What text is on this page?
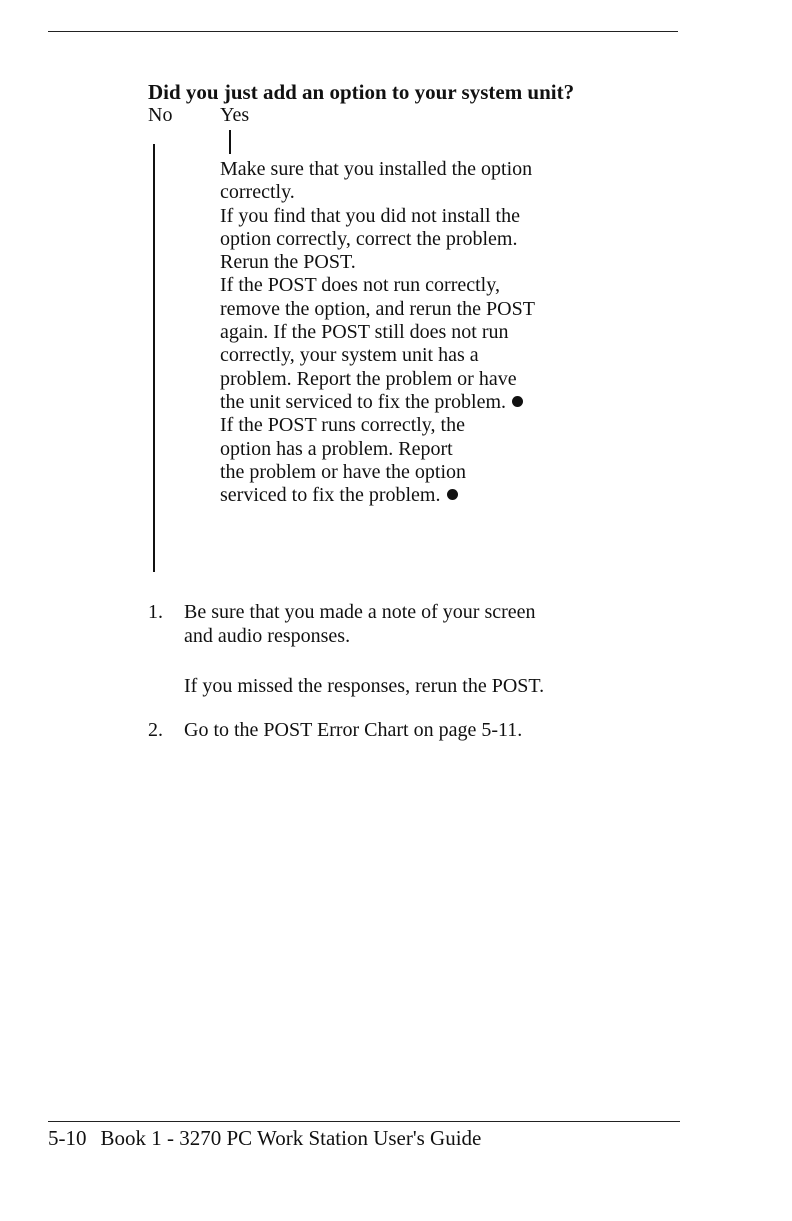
Did you just add an option to your system unit?
No Yes
Make sure that you installed the option
correctly.
If you find that you did not install the
option correctly, correct the problem.
Rerun the POST.
If the POST does not run correctly,
remove the option, and rerun the POST
again. If the POST still does not run
correctly, your system unit has a
problem. Report the problem or have
the unit serviced to fix the problem.
If the POST runs correctly, the
option has a problem. Report
the problem or have the option
serviced to fix the problem.
1. Be sure that you made a note of your screen
and audio responses.
If you missed the responses, rerun the POST.
2. Go to the POST Error Chart on page 5-11.
5-10 Book 1 - 3270 PC Work Station User's Guide
